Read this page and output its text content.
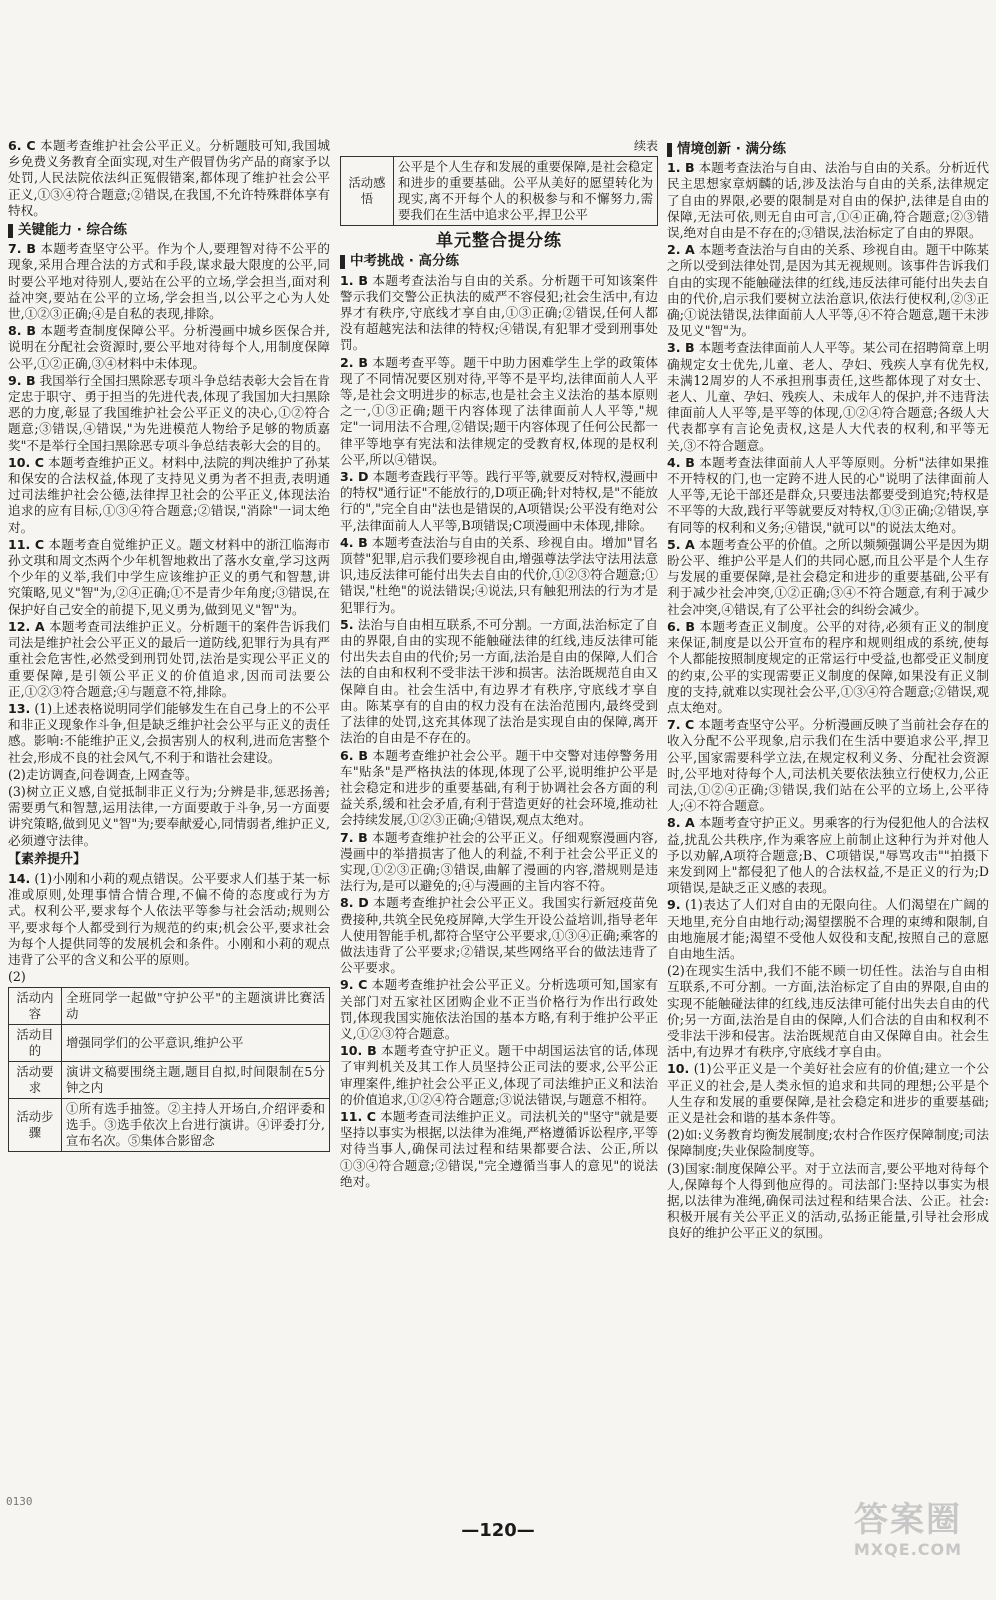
6. C 本题考查维护社会公平正义。分析题肢可知,我国城乡免费义务教育全面实现,对生产假冒伪劣产品的商家予以处罚,人民法院依法纠正冤假错案,都体现了维护社会公平正义,①③④符合题意;②错误,在我国,不允许特殊群体享有特权。
关键能力 · 综合练
7. B 本题考查坚守公平。作为个人,要理智对待不公平的现象,采用合理合法的方式和手段,谋求最大限度的公平,同时要公平地对待别人,要站在公平的立场,学会担当,面对利益冲突,要站在公平的立场,学会担当,以公平之心为人处世,①②③正确;④是自私的表现,排除。
8. B 本题考查制度保障公平。分析漫画中城乡医保合并,说明在分配社会资源时,要公平地对待每个人,用制度保障公平,①②正确,③④材料中未体现。
9. B 我国举行全国扫黑除恶专项斗争总结表彰大会旨在肯定忠于职守、勇于担当的先进代表,体现了我国加大扫黑除恶的力度,彰显了我国维护社会公平正义的决心,①②符合题意;③错误,④错误,"为先进模范人物给予足够的物质嘉奖"不是举行全国扫黑除恶专项斗争总结表彰大会的目的。
10. C 本题考查维护正义。材料中,法院的判决维护了孙某和保安的合法权益,体现了支持见义勇为者不担责,表明通过司法维护社会公德,法律捍卫社会的公平正义,体现法治追求的应有目标,①③④符合题意;②错误,"消除"一词太绝对。
11. C 本题考查自觉维护正义。题文材料中的浙江临海市孙文琪和周文杰两个少年机智地救出了落水女童,学习这两个少年的义举,我们中学生应该维护正义的勇气和智慧,讲究策略,见义"智"为,②④正确;①不是青少年角度;③错误,在保护好自己安全的前提下,见义勇为,做到见义"智"为。
12. A 本题考查司法维护正义。分析题干的案件告诉我们司法是维护社会公平正义的最后一道防线,犯罪行为具有严重社会危害性,必然受到刑罚处罚,法治是实现公平正义的重要保障,是引领公平正义的价值追求,因而司法要公正,①②③符合题意;④与题意不符,排除。
13. (1)上述表格说明同学们能够发生在自己身上的不公平和非正义现象作斗争,但是缺乏维护社会公平与正义的责任感。影响:不能维护正义,会损害别人的权利,进而危害整个社会,形成不良的社会风气,不利于和谐社会建设。
(2)走访调查,问卷调查,上网查等。
(3)树立正义感,自觉抵制非正义行为;分辨是非,惩恶扬善;需要勇气和智慧,运用法律,一方面要敢于斗争,另一方面要讲究策略,做到见义"智"为;要奉献爱心,同情弱者,维护正义,必须遵守法律。
【素养提升】
14. (1)小刚和小莉的观点错误。公平要求人们基于某一标准或原则,处理事情合情合理,不偏不倚的态度或行为方式。权利公平,要求每个人依法平等参与社会活动;规则公平,要求每个人都受到行为规范的约束;机会公平,要求社会为每个人提供同等的发展机会和条件。小刚和小莉的观点违背了公平的含义和公平的原则。
(2)
活动内容	全班同学一起做"守护公平"的主题演讲比赛活动
活动目的	增强同学们的公平意识,维护公平
活动要求	演讲文稿要围绕主题,题目自拟,时间限制在5分钟之内
活动步骤	①所有选手抽签。②主持人开场白,介绍评委和选手。③选手依次上台进行演讲。④评委打分,宣布名次。⑤集体合影留念
续表
活动感悟	公平是个人生存和发展的重要保障,是社会稳定和进步的重要基础。公平从美好的愿望转化为现实,离不开每个人的积极参与和不懈努力,需要我们在生活中追求公平,捍卫公平
单元整合提分练
中考挑战 · 高分练
1. B 本题考查法治与自由的关系。分析题干可知该案件警示我们交警公正执法的威严不容侵犯;社会生活中,有边界才有秩序,守底线才享自由,①③正确;②错误,任何人都没有超越宪法和法律的特权;④错误,有犯罪才受到刑事处罚。
2. B 本题考查平等。题干中助力困难学生上学的政策体现了不同情况要区别对待,平等不是平均,法律面前人人平等,是社会文明进步的标志,也是社会主义法治的基本原则之一,①③正确;题干内容体现了法律面前人人平等,"规定"一词用法不合理,②错误;题干内容体现了任何公民都一律平等地享有宪法和法律规定的受教育权,体现的是权利公平,所以④错误。
3. D 本题考查践行平等。践行平等,就要反对特权,漫画中的特权"通行证"不能放行的,D项正确;针对特权,是"不能放行的","完全自由"法也是错误的,A项错误;公平没有绝对公平,法律面前人人平等,B项错误;C项漫画中未体现,排除。
4. B 本题考查法治与自由的关系、珍视自由。增加"冒名顶替"犯罪,启示我们要珍视自由,增强尊法学法守法用法意识,违反法律可能付出失去自由的代价,①②③符合题意;①错误,"杜绝"的说法错误;④说法,只有触犯刑法的行为才是犯罪行为。
5. 法治与自由相互联系,不可分割。一方面,法治标定了自由的界限,自由的实现不能触碰法律的红线,违反法律可能付出失去自由的代价;另一方面,法治是自由的保障,人们合法的自由和权利不受非法干涉和损害。法治既规范自由又保障自由。社会生活中,有边界才有秩序,守底线才享自由。陈某享有的自由的权力没有在法治范围内,最终受到了法律的处罚,这充其体现了法治是实现自由的保障,离开法治的自由是不存在的。
6. B 本题考查维护社会公平。题干中交警对违停警务用车"贴条"是严格执法的体现,体现了公平,说明维护公平是社会稳定和进步的重要基础,有利于协调社会各方面的利益关系,缓和社会矛盾,有利于营造更好的社会环境,推动社会持续发展,①②③正确;④错误,观点太绝对。
7. B 本题考查维护社会的公平正义。仔细观察漫画内容,漫画中的举措损害了他人的利益,不利于社会公平正义的实现,①②③正确;③错误,曲解了漫画的内容,潜规则是违法行为,是可以避免的;④与漫画的主旨内容不符。
8. D 本题考查维护社会公平正义。我国实行新冠疫苗免费接种,共筑全民免疫屏障,大学生开设公益培训,指导老年人使用智能手机,都符合坚守公平要求,①③④正确;乘客的做法违背了公平要求;②错误,某些网络平台的做法违背了公平要求。
9. C 本题考查维护社会公平正义。分析选项可知,国家有关部门对五家社区团购企业不正当价格行为作出行政处罚,体现我国实施依法治国的基本方略,有利于维护公平正义,①②③符合题意。
10. B 本题考查守护正义。题干中胡国运法官的话,体现了审判机关及其工作人员坚持公正司法的要求,公平公正审理案件,维护社会公平正义,体现了司法维护正义和法治的价值追求,①②④符合题意;③说法错误,与题意不相符。
11. C 本题考查司法维护正义。司法机关的"坚守"就是要坚持以事实为根据,以法律为准绳,严格遵循诉讼程序,平等对待当事人,确保司法过程和结果都要合法、公正,所以①③④符合题意;②错误,"完全遵循当事人的意见"的说法绝对。
情境创新 · 满分练
1. B 本题考查法治与自由、法治与自由的关系。分析近代民主思想家章炳麟的话,涉及法治与自由的关系,法律规定了自由的界限,必要的限制是对自由的保护,法律是自由的保障,无法可依,则无自由可言,①④正确,符合题意;②③错误,绝对自由是不存在的;③错误,法治标定了自由的界限。
2. A 本题考查法治与自由的关系、珍视自由。题干中陈某之所以受到法律处罚,是因为其无视规则。该事件告诉我们自由的实现不能触碰法律的红线,违反法律可能付出失去自由的代价,启示我们要树立法治意识,依法行使权利,②③正确;①说法错误,法律面前人人平等,④不符合题意,题干未涉及见义"智"为。
3. B 本题考查法律面前人人平等。某公司在招聘简章上明确规定女士优先,儿童、老人、孕妇、残疾人享有优先权,未满12周岁的人不承担刑事责任,这些都体现了对女士、老人、儿童、孕妇、残疾人、未成年人的保护,并不违背法律面前人人平等,是平等的体现,①②④符合题意;各级人大代表都享有言论免责权,这是人大代表的权利,和平等无关,③不符合题意。
4. B 本题考查法律面前人人平等原则。分析"法律如果推不开特权的门,也一定跨不进人民的心"说明了法律面前人人平等,无论干部还是群众,只要违法都要受到追究;特权是不平等的大敌,践行平等就要反对特权,①③正确;②错误,享有同等的权利和义务;④错误,"就可以"的说法太绝对。
5. A 本题考查公平的价值。之所以频频强调公平是因为期盼公平、维护公平是人们的共同心愿,而且公平是个人生存与发展的重要保障,是社会稳定和进步的重要基础,公平有利于减少社会冲突,①②正确;③④不符合题意,有利于减少社会冲突,④错误,有了公平社会的纠纷会减少。
6. B 本题考查正义制度。公平的对待,必须有正义的制度来保证,制度是以公开宣布的程序和规则组成的系统,使每个人都能按照制度规定的正常运行中受益,也都受正义制度的约束,公平的实现需要正义制度的保障,如果没有正义制度的支持,就难以实现社会公平,①③④符合题意;②错误,观点太绝对。
7. C 本题考查坚守公平。分析漫画反映了当前社会存在的收入分配不公平现象,启示我们在生活中要追求公平,捍卫公平,国家需要科学立法,在规定权利义务、分配社会资源时,公平地对待每个人,司法机关要依法独立行使权力,公正司法,①②④正确;③错误,我们站在公平的立场上,公平待人;④不符合题意。
8. A 本题考查守护正义。男乘客的行为侵犯他人的合法权益,扰乱公共秩序,作为乘客应上前制止这种行为并对他人予以劝解,A项符合题意;B、C项错误,"辱骂攻击""拍摄下来发到网上"都侵犯了他人的合法权益,不是正义的行为;D项错误,是缺乏正义感的表现。
9. (1)表达了人们对自由的无限向往。人们渴望在广阔的天地里,充分自由地行动;渴望摆脱不合理的束缚和限制,自由地施展才能;渴望不受他人奴役和支配,按照自己的意愿自由地生活。
(2)在现实生活中,我们不能不顾一切任性。法治与自由相互联系,不可分割。一方面,法治标定了自由的界限,自由的实现不能触碰法律的红线,违反法律可能付出失去自由的代价;另一方面,法治是自由的保障,人们合法的自由和权利不受非法干涉和侵害。法治既规范自由又保障自由。社会生活中,有边界才有秩序,守底线才享自由。
10. (1)公平正义是一个美好社会应有的价值;建立一个公平正义的社会,是人类永恒的追求和共同的理想;公平是个人生存和发展的重要保障,是社会稳定和进步的重要基础;正义是社会和谐的基本条件等。
(2)如:义务教育均衡发展制度;农村合作医疗保障制度;司法保障制度;失业保险制度等。
(3)国家:制度保障公平。对于立法而言,要公平地对待每个人,保障每个人得到他应得的。司法部门:坚持以事实为根据,以法律为准绳,确保司法过程和结果合法、公正。社会:积极开展有关公平正义的活动,弘扬正能量,引导社会形成良好的维护公平正义的氛围。
0130
—120—	答案圈
MXQE.COM
